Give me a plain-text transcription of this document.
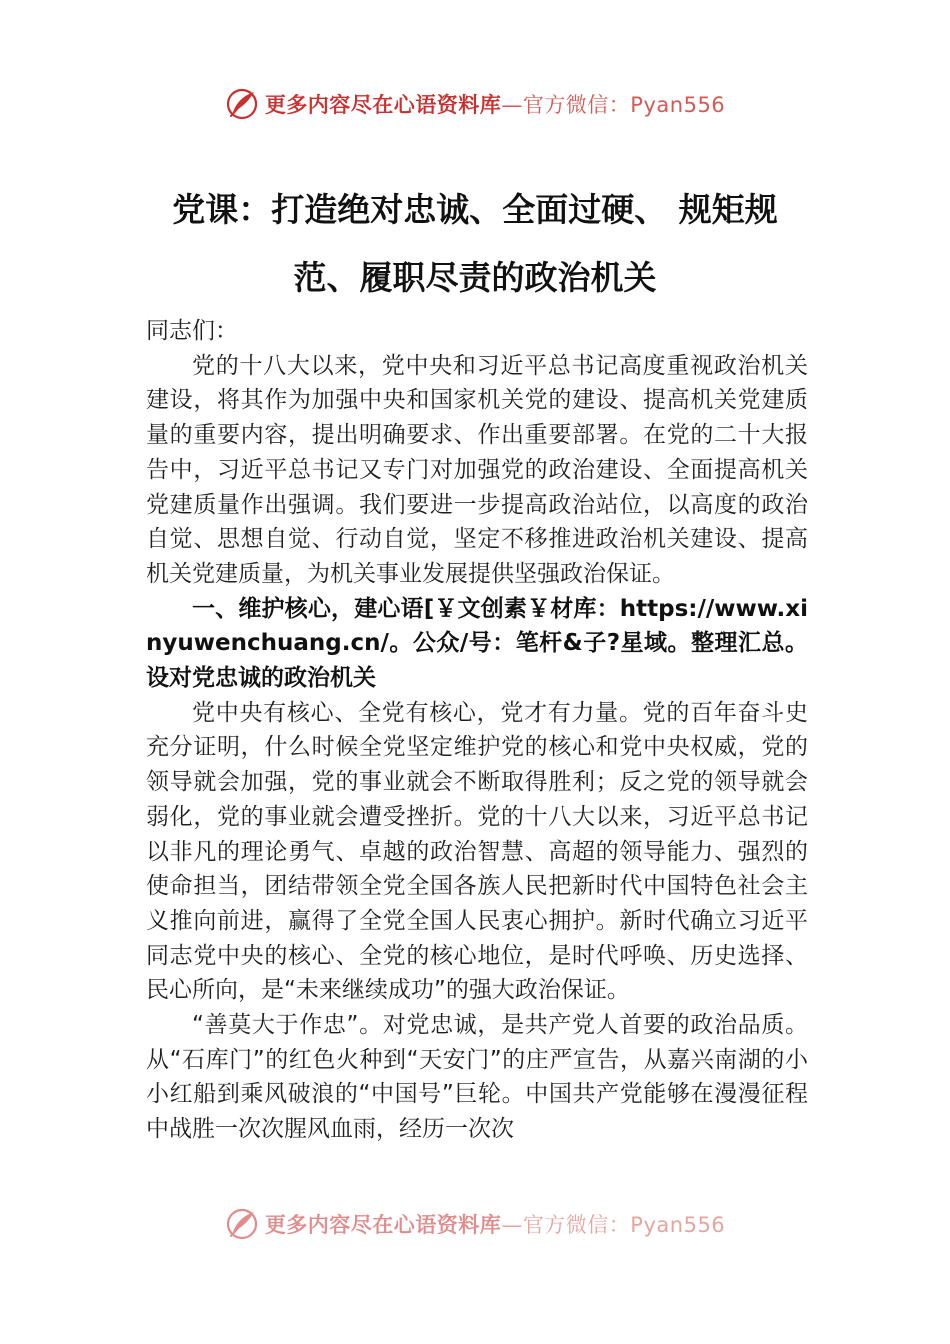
更多内容尽在心语资料库—官方微信：Pyan556
党课：打造绝对忠诚、全面过硬、 规矩规
范、履职尽责的政治机关

同志们：

党的十八大以来，党中央和习近平总书记高度重视政治机关建设，将其作为加强中央和国家机关党的建设、提高机关党建质量的重要内容，提出明确要求、作出重要部署。在党的二十大报告中，习近平总书记又专门对加强党的政治建设、全面提高机关党建质量作出强调。我们要进一步提高政治站位，以高度的政治自觉、思想自觉、行动自觉，坚定不移推进政治机关建设、提高机关党建质量，为机关事业发展提供坚强政治保证。

一、维护核心，建心语[￥文创素￥材库：https://www.xinyuwenchuang.cn/。公众/号：笔杆&子?星域。整理汇总。设对党忠诚的政治机关

党中央有核心、全党有核心，党才有力量。党的百年奋斗史充分证明，什么时候全党坚定维护党的核心和党中央权威，党的领导就会加强，党的事业就会不断取得胜利；反之党的领导就会弱化，党的事业就会遭受挫折。党的十八大以来，习近平总书记以非凡的理论勇气、卓越的政治智慧、高超的领导能力、强烈的使命担当，团结带领全党全国各族人民把新时代中国特色社会主义推向前进，赢得了全党全国人民衷心拥护。新时代确立习近平同志党中央的核心、全党的核心地位，是时代呼唤、历史选择、民心所向，是“未来继续成功”的强大政治保证。

“善莫大于作忠”。对党忠诚，是共产党人首要的政治品质。从“石库门”的红色火种到“天安门”的庄严宣告，从嘉兴南湖的小小红船到乘风破浪的“中国号”巨轮。中国共产党能够在漫漫征程中战胜一次次腥风血雨，经历一次次

更多内容尽在心语资料库—官方微信：Pyan556
